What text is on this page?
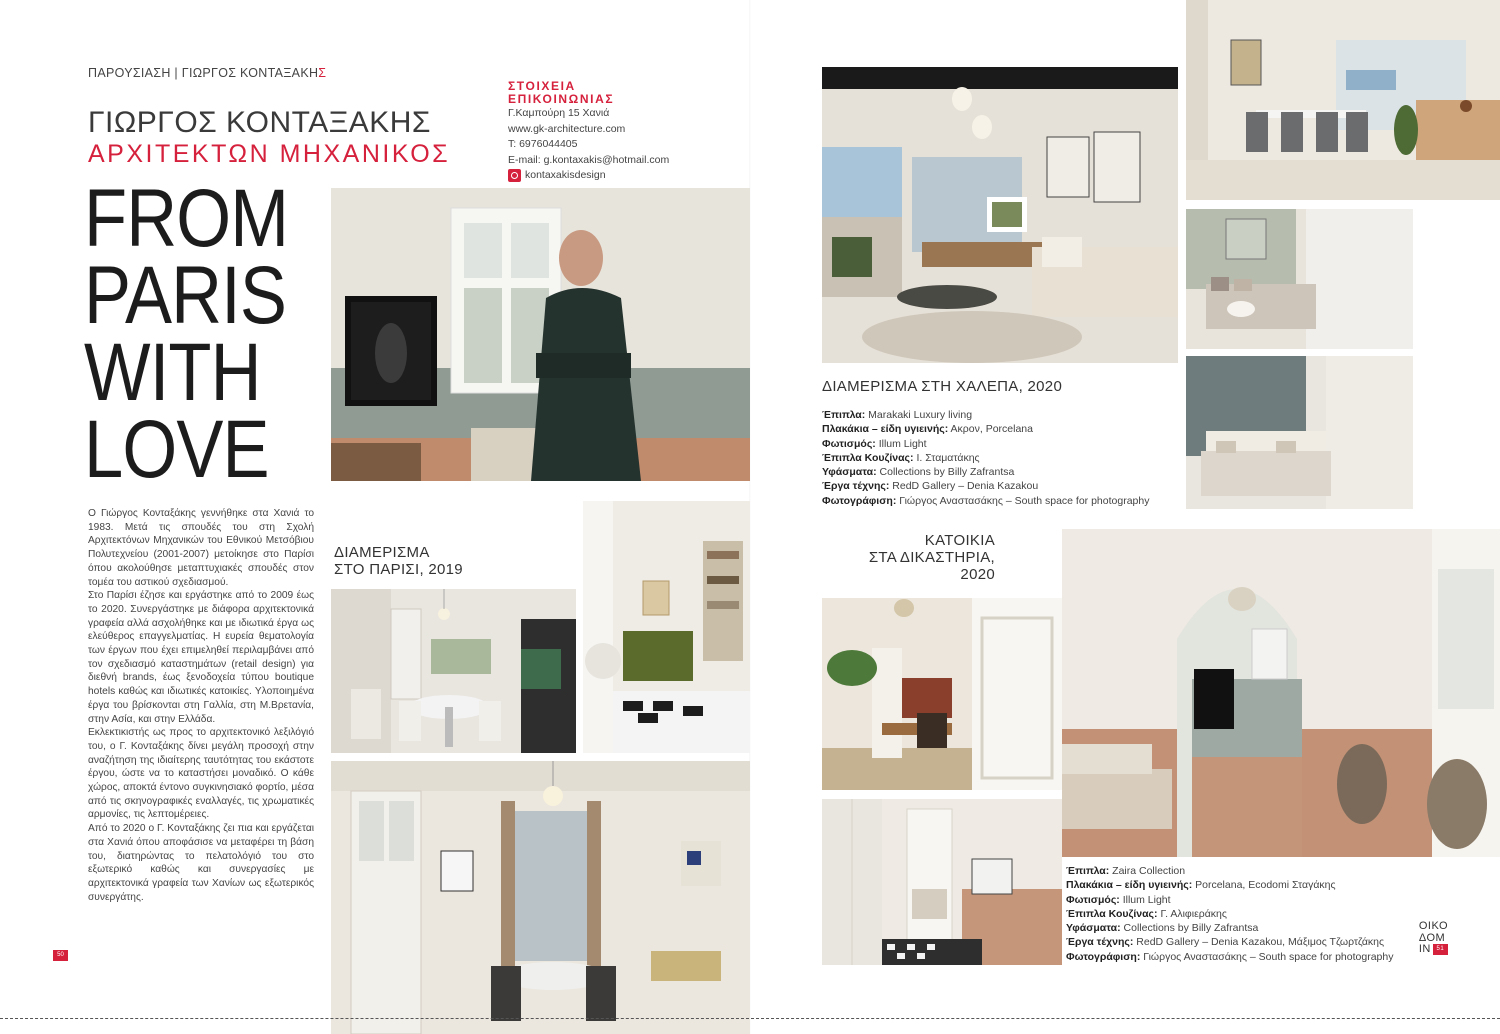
ΠΑΡΟΥΣΙΑΣΗ | ΓΙΩΡΓΟΣ ΚΟΝΤΑΞΑΚΗΣ
ΓΙΩΡΓΟΣ ΚΟΝΤΑΞΑΚΗΣ
ΑΡΧΙΤΕΚΤΩΝ ΜΗΧΑΝΙΚΟΣ
FROM
PARIS
WITH
LOVE
ΣΤΟΙΧΕΙΑ
ΕΠΙΚΟΙΝΩΝΙΑΣ
Γ.Καμπούρη 15 Χανιά
www.gk-architecture.com
T: 6976044405
E-mail: g.kontaxakis@hotmail.com
kontaxakisdesign

Ο Γιώργος Κονταξάκης γεννήθηκε στα Χανιά το 1983. Μετά τις σπουδές του στη Σχολή Αρχιτεκτόνων Μηχανικών του Εθνικού Μετσόβιου Πολυτεχνείου (2001-2007) μετοίκησε στο Παρίσι όπου ακολούθησε μεταπτυχιακές σπουδές στον τομέα του αστικού σχεδιασμού.

Στο Παρίσι έζησε και εργάστηκε από το 2009 έως το 2020. Συνεργάστηκε με διάφορα αρχιτεκτονικά γραφεία αλλά ασχολήθηκε και με ιδιωτικά έργα ως ελεύθερος επαγγελματίας. Η ευρεία θεματολογία των έργων που έχει επιμεληθεί περιλαμβάνει από τον σχεδιασμό καταστημάτων (retail design) για διεθνή brands, έως ξενοδοχεία τύπου boutique hotels καθώς και ιδιωτικές κατοικίες. Υλοποιημένα έργα του βρίσκονται στη Γαλλία, στη Μ.Βρετανία, στην Ασία, και στην Ελλάδα.

Εκλεκτικιστής ως προς το αρχιτεκτονικό λεξιλόγιό του, ο Γ. Κονταξάκης δίνει μεγάλη προσοχή στην αναζήτηση της ιδιαίτερης ταυτότητας του εκάστοτε έργου, ώστε να το καταστήσει μοναδικό. Ο κάθε χώρος, αποκτά έντονο συγκινησιακό φορτίο, μέσα από τις σκηνογραφικές εναλλαγές, τις χρωματικές αρμονίες, τις λεπτομέρειες.

Από το 2020 ο Γ. Κονταξάκης ζει πια και εργάζεται στα Χανιά όπου αποφάσισε να μεταφέρει τη βάση του, διατηρώντας το πελατολόγιό του στο εξωτερικό καθώς και συνεργασίες με αρχιτεκτονικά γραφεία των Χανίων ως εξωτερικός συνεργάτης.

50
ΔΙΑΜΕΡΙΣΜΑ
ΣΤΟ ΠΑΡΙΣΙ, 2019
ΔΙΑΜΕΡΙΣΜΑ ΣΤΗ ΧΑΛΕΠΑ, 2020
Έπιπλα: Marakaki Luxury living
Πλακάκια – είδη υγιεινής: Ακρον, Porcelana
Φωτισμός: Illum Light
Έπιπλα Κουζίνας: Ι. Σταματάκης
Υφάσματα: Collections by Billy Zafrantsa
Έργα τέχνης: RedD Gallery – Denia Kazakou
Φωτογράφιση: Γιώργος Αναστασάκης – South space for photography
ΚΑΤΟΙΚΙΑ
ΣΤΑ ΔΙΚΑΣΤΗΡΙΑ,
2020
Έπιπλα: Zaira Collection
Πλακάκια – είδη υγιεινής: Porcelana, Ecodomi Σταγάκης
Φωτισμός: Illum Light
Έπιπλα Κουζίνας: Γ. Αλιφιεράκης
Υφάσματα: Collections by Billy Zafrantsa
Έργα τέχνης: RedD Gallery – Denia Kazakou, Μάξιμος Τζωρτζάκης
Φωτογράφιση: Γιώργος Αναστασάκης – South space for photography
ΟΙΚΟ
ΔΟΜ
IN 51
